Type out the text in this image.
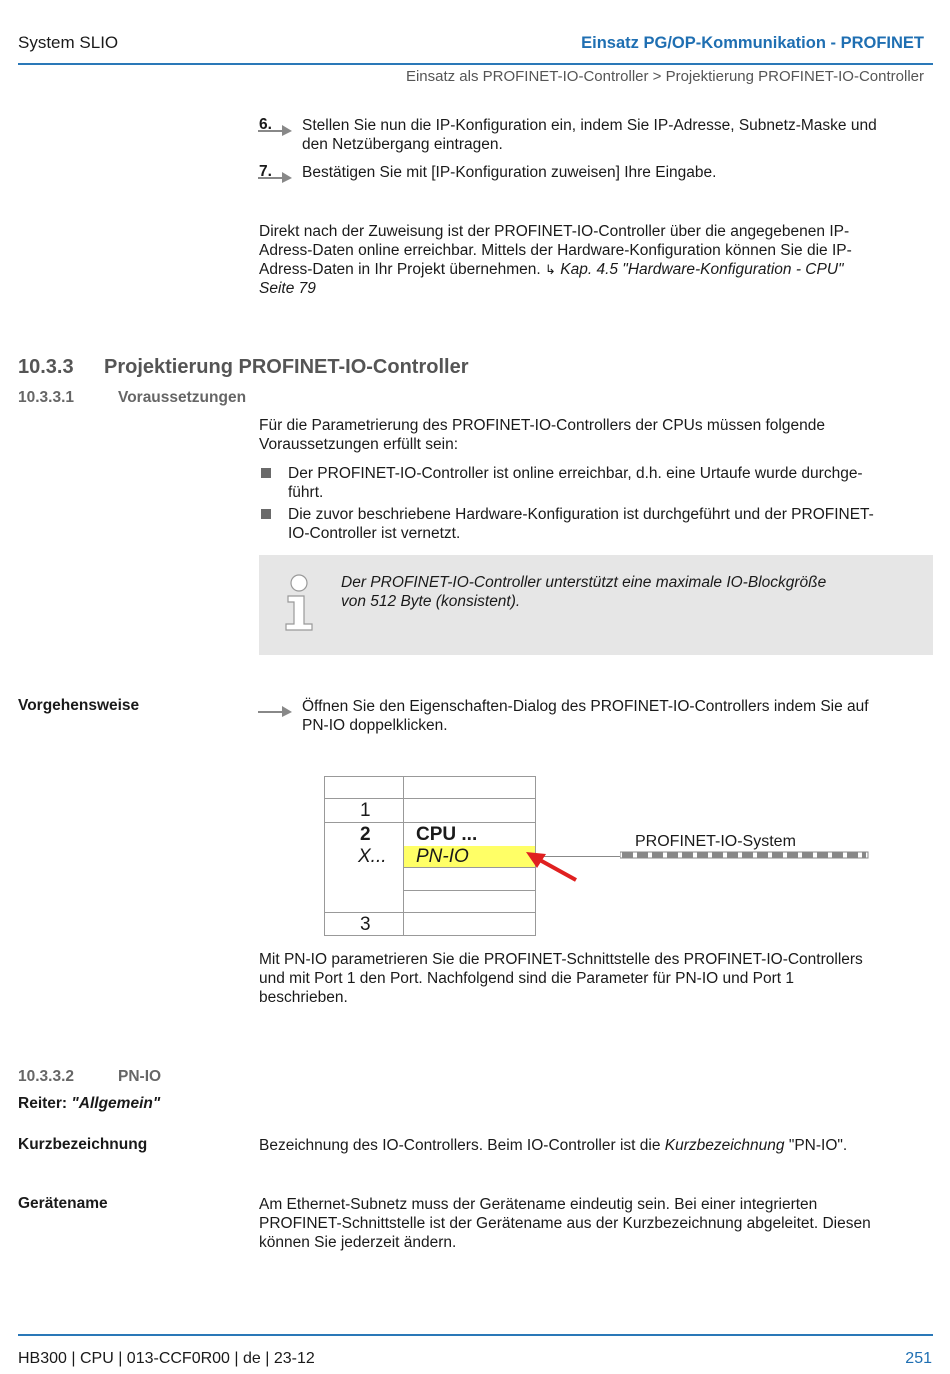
System SLIO	Einsatz PG/OP-Kommunikation - PROFINET
Einsatz als PROFINET-IO-Controller > Projektierung PROFINET-IO-Controller
6. Stellen Sie nun die IP-Konfiguration ein, indem Sie IP-Adresse, Subnetz-Maske und
den Netzübergang eintragen.
7. Bestätigen Sie mit [IP-Konfiguration zuweisen] Ihre Eingabe.
Direkt nach der Zuweisung ist der PROFINET-IO-Controller über die angegebenen IP-
Adress-Daten online erreichbar. Mittels der Hardware-Konfiguration können Sie die IP-
Adress-Daten in Ihr Projekt übernehmen. ↳ Kap. 4.5 "Hardware-Konfiguration - CPU"
Seite 79
10.3.3 Projektierung PROFINET-IO-Controller
10.3.3.1	Voraussetzungen
Für die Parametrierung des PROFINET-IO-Controllers der CPUs müssen folgende
Voraussetzungen erfüllt sein:
Der PROFINET-IO-Controller ist online erreichbar, d.h. eine Urtaufe wurde durchge-
führt.
Die zuvor beschriebene Hardware-Konfiguration ist durchgeführt und der PROFINET-
IO-Controller ist vernetzt.
Der PROFINET-IO-Controller unterstützt eine maximale IO-Blockgröße
von 512 Byte (konsistent).
Vorgehensweise	Öffnen Sie den Eigenschaften-Dialog des PROFINET-IO-Controllers indem Sie auf
PN-IO doppelklicken.
1
2 CPU ...
X... PN-IO
3
PROFINET-IO-System
Mit PN-IO parametrieren Sie die PROFINET-Schnittstelle des PROFINET-IO-Controllers
und mit Port 1 den Port. Nachfolgend sind die Parameter für PN-IO und Port 1
beschrieben.
10.3.3.2	PN-IO
Reiter: "Allgemein"
Kurzbezeichnung	Bezeichnung des IO-Controllers. Beim IO-Controller ist die Kurzbezeichnung "PN-IO".
Gerätename	Am Ethernet-Subnetz muss der Gerätename eindeutig sein. Bei einer integrierten
PROFINET-Schnittstelle ist der Gerätename aus der Kurzbezeichnung abgeleitet. Diesen
können Sie jederzeit ändern.
HB300 | CPU | 013-CCF0R00 | de | 23-12	251
